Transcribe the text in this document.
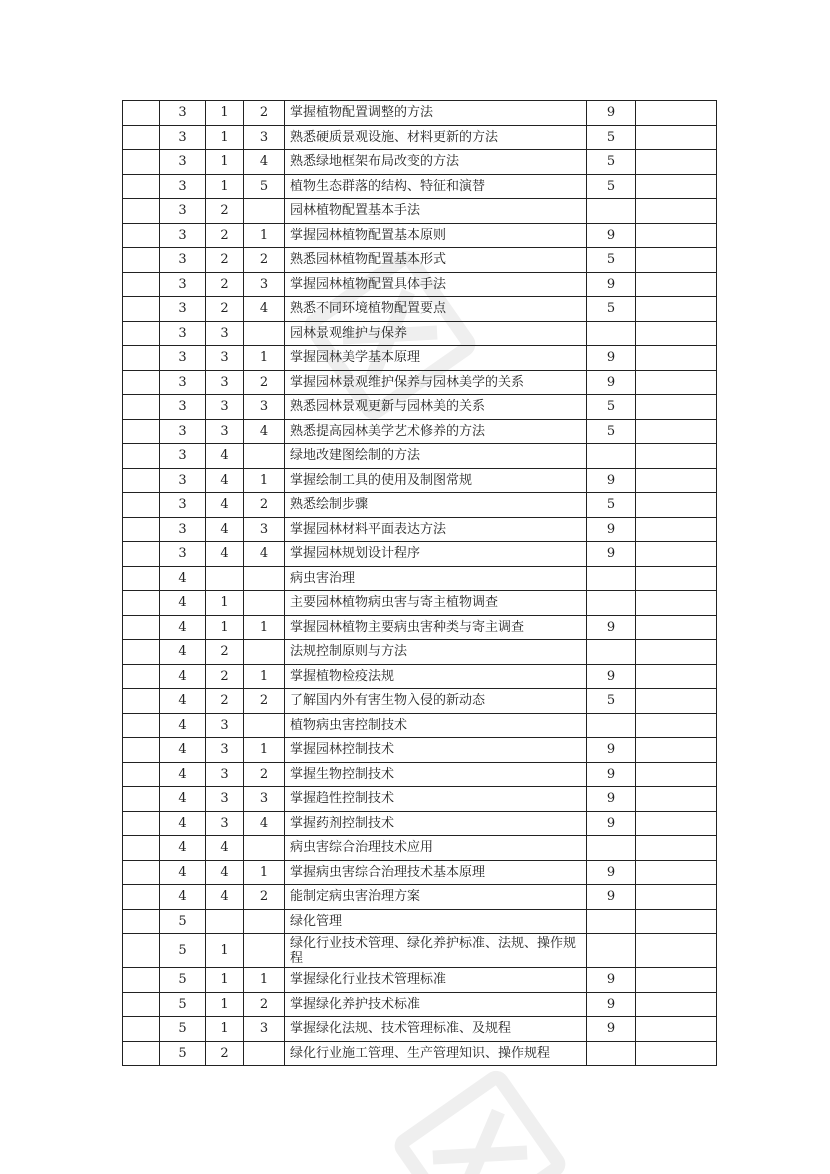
	3	1	2	掌握植物配置调整的方法	9	
	3	1	3	熟悉硬质景观设施、材料更新的方法	5	
	3	1	4	熟悉绿地框架布局改变的方法	5	
	3	1	5	植物生态群落的结构、特征和演替	5	
	3	2		园林植物配置基本手法		
	3	2	1	掌握园林植物配置基本原则	9	
	3	2	2	熟悉园林植物配置基本形式	5	
	3	2	3	掌握园林植物配置具体手法	9	
	3	2	4	熟悉不同环境植物配置要点	5	
	3	3		园林景观维护与保养		
	3	3	1	掌握园林美学基本原理	9	
	3	3	2	掌握园林景观维护保养与园林美学的关系	9	
	3	3	3	熟悉园林景观更新与园林美的关系	5	
	3	3	4	熟悉提高园林美学艺术修养的方法	5	
	3	4		绿地改建图绘制的方法		
	3	4	1	掌握绘制工具的使用及制图常规	9	
	3	4	2	熟悉绘制步骤	5	
	3	4	3	掌握园林材料平面表达方法	9	
	3	4	4	掌握园林规划设计程序	9	
	4			病虫害治理		
	4	1		主要园林植物病虫害与寄主植物调查		
	4	1	1	掌握园林植物主要病虫害种类与寄主调查	9	
	4	2		法规控制原则与方法		
	4	2	1	掌握植物检疫法规	9	
	4	2	2	了解国内外有害生物入侵的新动态	5	
	4	3		植物病虫害控制技术		
	4	3	1	掌握园林控制技术	9	
	4	3	2	掌握生物控制技术	9	
	4	3	3	掌握趋性控制技术	9	
	4	3	4	掌握药剂控制技术	9	
	4	4		病虫害综合治理技术应用		
	4	4	1	掌握病虫害综合治理技术基本原理	9	
	4	4	2	能制定病虫害治理方案	9	
	5			绿化管理		
	5	1		绿化行业技术管理、绿化养护标准、法规、操作规程		
	5	1	1	掌握绿化行业技术管理标准	9	
	5	1	2	掌握绿化养护技术标准	9	
	5	1	3	掌握绿化法规、技术管理标准、及规程	9	
	5	2		绿化行业施工管理、生产管理知识、操作规程		
